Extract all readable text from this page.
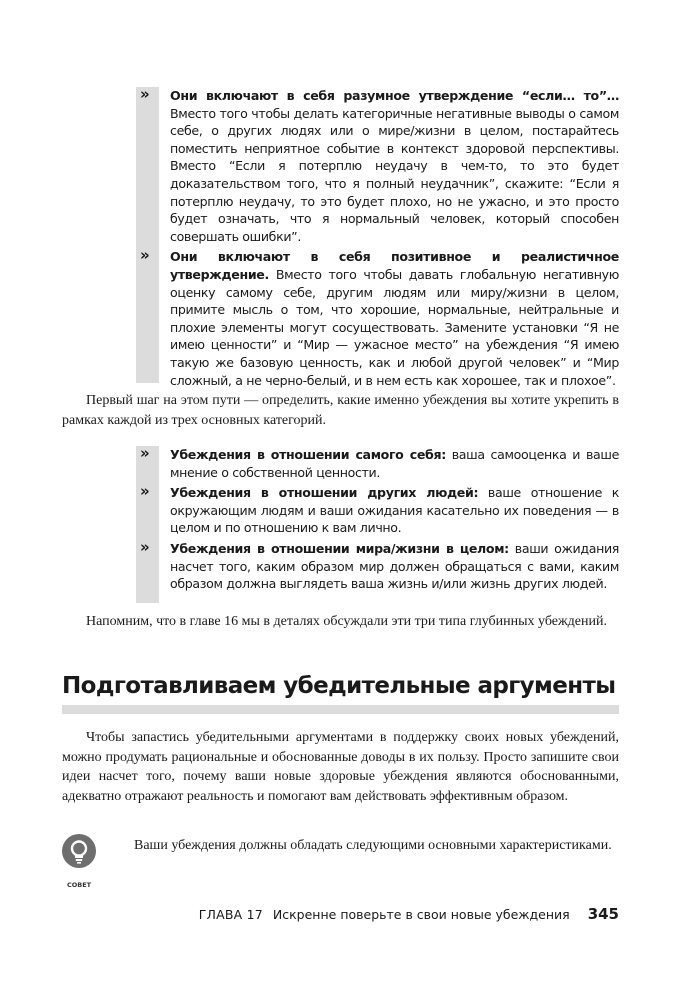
» Они включают в себя разумное утверждение “если… то”… Вместо того чтобы делать категоричные негативные выводы о самом себе, о других людях или о мире/жизни в целом, постарайтесь поместить неприятное событие в контекст здоровой перспективы. Вместо “Если я потерплю неудачу в чем-то, то это будет доказательством того, что я полный неудачник”, скажите: “Если я потерплю неудачу, то это будет плохо, но не ужасно, и это просто будет означать, что я нормальный человек, который способен совершать ошибки”.
» Они включают в себя позитивное и реалистичное утверждение. Вместо того чтобы давать глобальную негативную оценку самому себе, другим людям или миру/жизни в целом, примите мысль о том, что хорошие, нормальные, нейтральные и плохие элементы могут сосуществовать. Замените установки “Я не имею ценности” и “Мир — ужасное место” на убеждения “Я имею такую же базовую ценность, как и любой другой человек” и “Мир сложный, а не черно-белый, и в нем есть как хорошее, так и плохое”.
Первый шаг на этом пути — определить, какие именно убеждения вы хотите укрепить в рамках каждой из трех основных категорий.
» Убеждения в отношении самого себя: ваша самооценка и ваше мнение о собственной ценности.
» Убеждения в отношении других людей: ваше отношение к окружающим людям и ваши ожидания касательно их поведения — в целом и по отношению к вам лично.
» Убеждения в отношении мира/жизни в целом: ваши ожидания насчет того, каким образом мир должен обращаться с вами, каким образом должна выглядеть ваша жизнь и/или жизнь других людей.
Напомним, что в главе 16 мы в деталях обсуждали эти три типа глубинных убеждений.
Подготавливаем убедительные аргументы
Чтобы запастись убедительными аргументами в поддержку своих новых убеждений, можно продумать рациональные и обоснованные доводы в их пользу. Просто запишите свои идеи насчет того, почему ваши новые здоровые убеждения являются обоснованными, адекватно отражают реальность и помогают вам действовать эффективным образом.
СОВЕТ
Ваши убеждения должны обладать следующими основными характеристиками.
ГЛАВА 17 Искренне поверьте в свои новые убеждения 345
